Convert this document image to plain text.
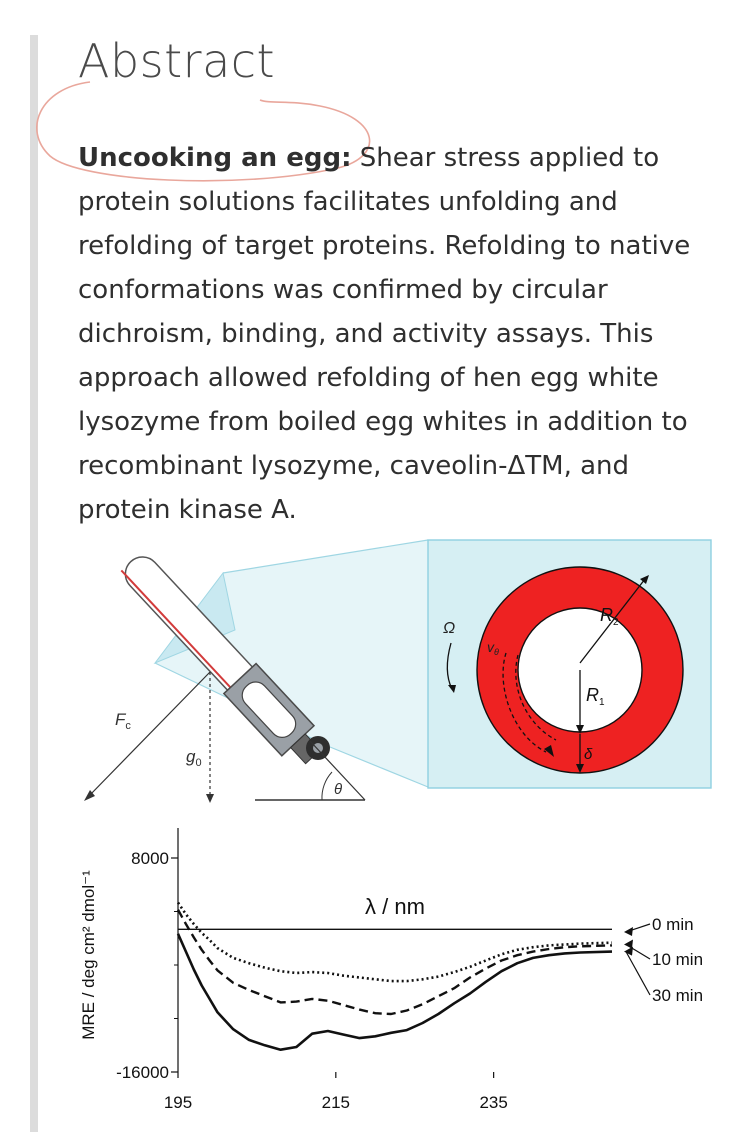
Abstract
Uncooking an egg: Shear stress applied to protein solutions facilitates unfolding and refolding of target proteins. Refolding to native conformations was confirmed by circular dichroism, binding, and activity assays. This approach allowed refolding of hen egg white lysozyme from boiled egg whites in addition to recombinant lysozyme, caveolin-ΔTM, and protein kinase A.
$F_c$
$g_0$
θ
Ω
$v_\theta$
$R_2$
$R_1$
δ
8000
-16000
195	215	235
MRE / deg cm² dmol⁻¹	λ / nm
0 min
10 min
30 min
